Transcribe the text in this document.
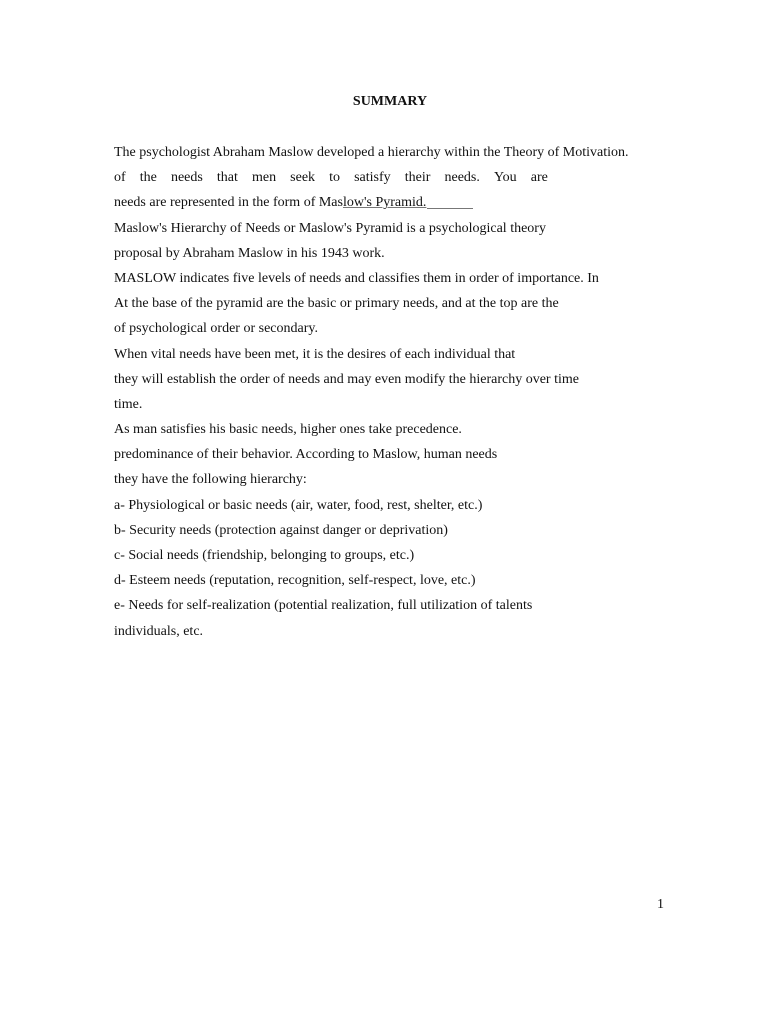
SUMMARY
The psychologist Abraham Maslow developed a hierarchy within the Theory of Motivation.
of the needs that men seek to satisfy their needs. You are
needs are represented in the form of Maslow's Pyramid.
Maslow's Hierarchy of Needs or Maslow's Pyramid is a psychological theory
proposal by Abraham Maslow in his 1943 work.
MASLOW indicates five levels of needs and classifies them in order of importance. In
At the base of the pyramid are the basic or primary needs, and at the top are the
of psychological order or secondary.
When vital needs have been met, it is the desires of each individual that
they will establish the order of needs and may even modify the hierarchy over time
time.
As man satisfies his basic needs, higher ones take precedence.
predominance of their behavior. According to Maslow, human needs
they have the following hierarchy:
a- Physiological or basic needs (air, water, food, rest, shelter, etc.)
b- Security needs (protection against danger or deprivation)
c- Social needs (friendship, belonging to groups, etc.)
d- Esteem needs (reputation, recognition, self-respect, love, etc.)
e- Needs for self-realization (potential realization, full utilization of talents
individuals, etc.
1
